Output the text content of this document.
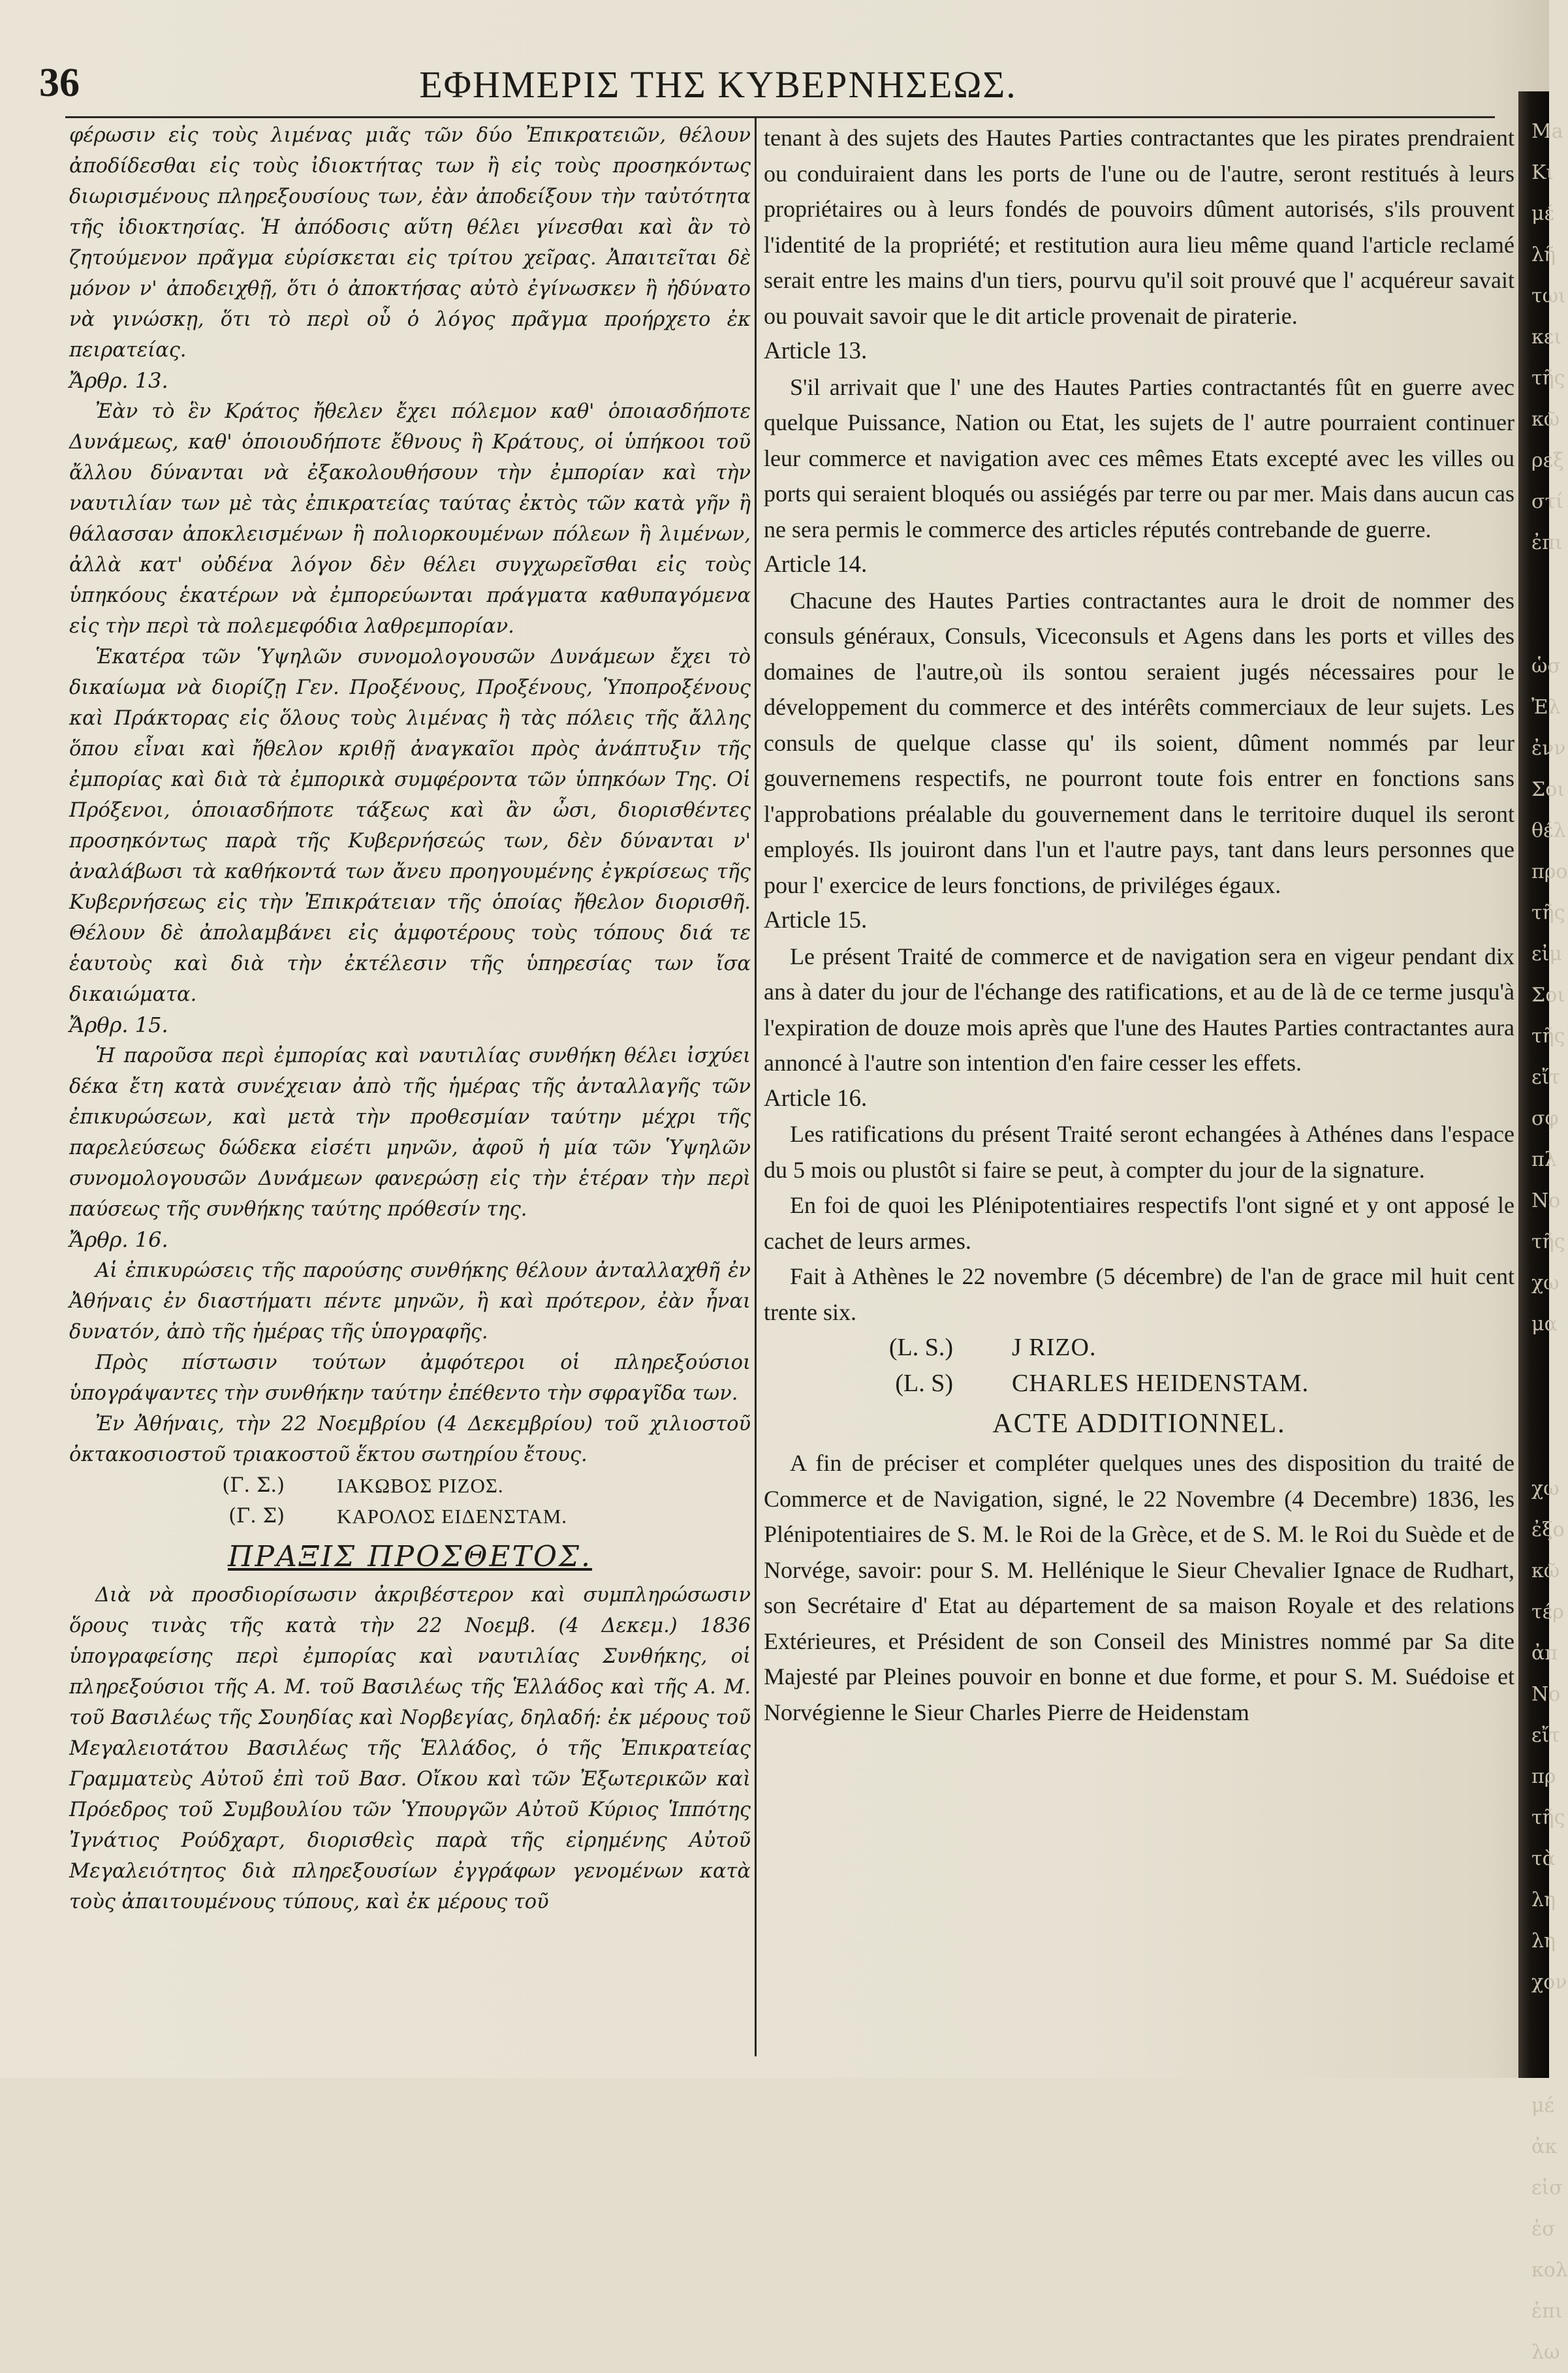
36	ΕΦΗΜΕΡΙΣ ΤΗΣ ΚΥΒΕΡΝΗΣΕΩΣ.

φέρωσιν εἰς τοὺς λιμένας μιᾶς τῶν δύο Ἐπικρατειῶν, θέλουν ἀποδίδεσθαι εἰς τοὺς ἰδιοκτήτας των ἢ εἰς τοὺς προσηκόντως διωρισμένους πληρεξουσίους των, ἐὰν ἀποδείξουν τὴν ταὐτότητα τῆς ἰδιοκτησίας. Ἡ ἀπόδοσις αὕτη θέλει γίνεσθαι καὶ ἂν τὸ ζητούμενον πρᾶγμα εὑρίσκεται εἰς τρίτου χεῖρας. Ἀπαιτεῖται δὲ μόνον ν' ἀποδειχθῇ, ὅτι ὁ ἀποκτήσας αὐτὸ ἐγίνωσκεν ἢ ἠδύνατο νὰ γινώσκῃ, ὅτι τὸ περὶ οὗ ὁ λόγος πρᾶγμα προήρχετο ἐκ πειρατείας.

Ἄρθρ. 13.

Ἐὰν τὸ ἓν Κράτος ἤθελεν ἔχει πόλεμον καθ' ὁποιασδήποτε Δυνάμεως, καθ' ὁποιουδήποτε ἔθνους ἢ Κράτους, οἱ ὑπήκοοι τοῦ ἄλλου δύνανται νὰ ἐξακολουθήσουν τὴν ἐμπορίαν καὶ τὴν ναυτιλίαν των μὲ τὰς ἐπικρατείας ταύτας ἐκτὸς τῶν κατὰ γῆν ἢ θάλασσαν ἀποκλεισμένων ἢ πολιορκουμένων πόλεων ἢ λιμένων, ἀλλὰ κατ' οὐδένα λόγον δὲν θέλει συγχωρεῖσθαι εἰς τοὺς ὑπηκόους ἑκατέρων νὰ ἐμπορεύωνται πράγματα καθυπαγόμενα εἰς τὴν περὶ τὰ πολεμεφόδια λαθρεμπορίαν.

Ἑκατέρα τῶν Ὑψηλῶν συνομολογουσῶν Δυνάμεων ἔχει τὸ δικαίωμα νὰ διορίζῃ Γεν. Προξένους, Προξένους, Ὑποπροξένους καὶ Πράκτορας εἰς ὅλους τοὺς λιμένας ἢ τὰς πόλεις τῆς ἄλλης ὅπου εἶναι καὶ ἤθελον κριθῇ ἀναγκαῖοι πρὸς ἀνάπτυξιν τῆς ἐμπορίας καὶ διὰ τὰ ἐμπορικὰ συμφέροντα τῶν ὑπηκόων Της. Οἱ Πρόξενοι, ὁποιασδήποτε τάξεως καὶ ἂν ὦσι, διορισθέντες προσηκόντως παρὰ τῆς Κυβερνήσεώς των, δὲν δύνανται ν' ἀναλάβωσι τὰ καθήκοντά των ἄνευ προηγουμένης ἐγκρίσεως τῆς Κυβερνήσεως εἰς τὴν Ἐπικράτειαν τῆς ὁποίας ἤθελον διορισθῆ. Θέλουν δὲ ἀπολαμβάνει εἰς ἀμφοτέρους τοὺς τόπους διά τε ἑαυτοὺς καὶ διὰ τὴν ἐκτέλεσιν τῆς ὑπηρεσίας των ἴσα δικαιώματα.

Ἄρθρ. 15.

Ἡ παροῦσα περὶ ἐμπορίας καὶ ναυτιλίας συνθήκη θέλει ἰσχύει δέκα ἔτη κατὰ συνέχειαν ἀπὸ τῆς ἡμέρας τῆς ἀνταλλαγῆς τῶν ἐπικυρώσεων, καὶ μετὰ τὴν προθεσμίαν ταύτην μέχρι τῆς παρελεύσεως δώδεκα εἰσέτι μηνῶν, ἀφοῦ ἡ μία τῶν Ὑψηλῶν συνομολογουσῶν Δυνάμεων φανερώσῃ εἰς τὴν ἑτέραν τὴν περὶ παύσεως τῆς συνθήκης ταύτης πρόθεσίν της.

Ἄρθρ. 16.

Αἱ ἐπικυρώσεις τῆς παρούσης συνθήκης θέλουν ἀνταλλαχθῆ ἐν Ἀθήναις ἐν διαστήματι πέντε μηνῶν, ἢ καὶ πρότερον, ἐὰν ἦναι δυνατόν, ἀπὸ τῆς ἡμέρας τῆς ὑπογραφῆς.

Πρὸς πίστωσιν τούτων ἀμφότεροι οἱ πληρεξούσιοι ὑπογράψαντες τὴν συνθήκην ταύτην ἐπέθεντο τὴν σφραγῖδα των.

Ἐν Ἀθήναις, τὴν 22 Νοεμβρίου (4 Δεκεμβρίου) τοῦ χιλιοστοῦ ὀκτακοσιοστοῦ τριακοστοῦ ἕκτου σωτηρίου ἔτους.

(Γ. Σ.)	ΙΑΚΩΒΟΣ ΡΙΖΟΣ.
(Γ. Σ)	ΚΑΡΟΛΟΣ ΕΙΔΕΝΣΤΑΜ.
ΠΡΑΞΙΣ ΠΡΟΣΘΕΤΟΣ.

Διὰ νὰ προσδιορίσωσιν ἀκριβέστερον καὶ συμπληρώσωσιν ὅρους τινὰς τῆς κατὰ τὴν 22 Νοεμβ. (4 Δεκεμ.) 1836 ὑπογραφείσης περὶ ἐμπορίας καὶ ναυτιλίας Συνθήκης, οἱ πληρεξούσιοι τῆς Α. Μ. τοῦ Βασιλέως τῆς Ἑλλάδος καὶ τῆς Α. Μ. τοῦ Βασιλέως τῆς Σουηδίας καὶ Νορβεγίας, δηλαδή: ἐκ μέρους τοῦ Μεγαλειοτάτου Βασιλέως τῆς Ἑλλάδος, ὁ τῆς Ἐπικρατείας Γραμματεὺς Αὐτοῦ ἐπὶ τοῦ Βασ. Οἴκου καὶ τῶν Ἐξωτερικῶν καὶ Πρόεδρος τοῦ Συμβουλίου τῶν Ὑπουργῶν Αὐτοῦ Κύριος Ἱππότης Ἰγνάτιος Ρούδχαρτ, διορισθεὶς παρὰ τῆς εἰρημένης Αὐτοῦ Μεγαλειότητος διὰ πληρεξουσίων ἐγγράφων γενομένων κατὰ τοὺς ἀπαιτουμένους τύπους, καὶ ἐκ μέρους τοῦ

tenant à des sujets des Hautes Parties contractantes que les pirates prendraient ou conduiraient dans les ports de l'une ou de l'autre, seront restitués à leurs propriétaires ou à leurs fondés de pouvoirs dûment autorisés, s'ils prouvent l'identité de la propriété; et restitution aura lieu même quand l'article reclamé serait entre les mains d'un tiers, pourvu qu'il soit prouvé que l' acquéreur savait ou pouvait savoir que le dit article provenait de piraterie.

Article 13.

S'il arrivait que l' une des Hautes Parties contractantés fût en guerre avec quelque Puissance, Nation ou Etat, les sujets de l' autre pourraient continuer leur commerce et navigation avec ces mêmes Etats excepté avec les villes ou ports qui seraient bloqués ou assiégés par terre ou par mer. Mais dans aucun cas ne sera permis le commerce des articles réputés contrebande de guerre.

Article 14.

Chacune des Hautes Parties contractantes aura le droit de nommer des consuls généraux, Consuls, Viceconsuls et Agens dans les ports et villes des domaines de l'autre,où ils sontou seraient jugés nécessaires pour le développement du commerce et des intérêts commerciaux de leur sujets. Les consuls de quelque classe qu' ils soient, dûment nommés par leur gouvernemens respectifs, ne pourront toute fois entrer en fonctions sans l'approbations préalable du gouvernement dans le territoire duquel ils seront employés. Ils jouiront dans l'un et l'autre pays, tant dans leurs personnes que pour l' exercice de leurs fonctions, de priviléges égaux.

Article 15.

Le présent Traité de commerce et de navigation sera en vigeur pendant dix ans à dater du jour de l'échange des ratifications, et au de là de ce terme jusqu'à l'expiration de douze mois après que l'une des Hautes Parties contractantes aura annoncé à l'autre son intention d'en faire cesser les effets.

Article 16.

Les ratifications du présent Traité seront echangées à Athénes dans l'espace du 5 mois ou plustôt si faire se peut, à compter du jour de la signature.

En foi de quoi les Plénipotentiaires respectifs l'ont signé et y ont apposé le cachet de leurs armes.

Fait à Athènes le 22 novembre (5 décembre) de l'an de grace mil huit cent trente six.

(L. S.)	J RIZO.
(L. S)	CHARLES HEIDENSTAM.
ACTE ADDITIONNEL.

A fin de préciser et compléter quelques unes des disposition du traité de Commerce et de Navigation, signé, le 22 Novembre (4 Decembre) 1836, les Plénipotentiaires de S. M. le Roi de la Grèce, et de S. M. le Roi du Suède et de Norvége, savoir: pour S. M. Hellénique le Sieur Chevalier Ignace de Rudhart, son Secrétaire d' Etat au département de sa maison Royale et des relations Extérieures, et Président de son Conseil des Ministres nommé par Sa dite Majesté par Pleines pouvoir en bonne et due forme, et pour S. M. Suédoise et Norvégienne le Sieur Charles Pierre de Heidenstam

Ma
Κι
μέ
λῆ
τωι
κει
τῆς
κῶ
ρεξ
στί
ἐπι

ὡσ
Ἐλ
ἐνν
Σοι
θέλ
προ
τῆς
εἰμ
Σοι
τῆς
εἴτ
σφ
πλ
Νο
τῆς
χω
μα

χω
ἐξο
κῶ
τέρ
ἀπ
Νο
εἴτ
πρ
τῆς
τὰ
λη
λη
χον

μέ
ἀκ
εἰσ
ἐσ
κολ
ἐπι
λω
